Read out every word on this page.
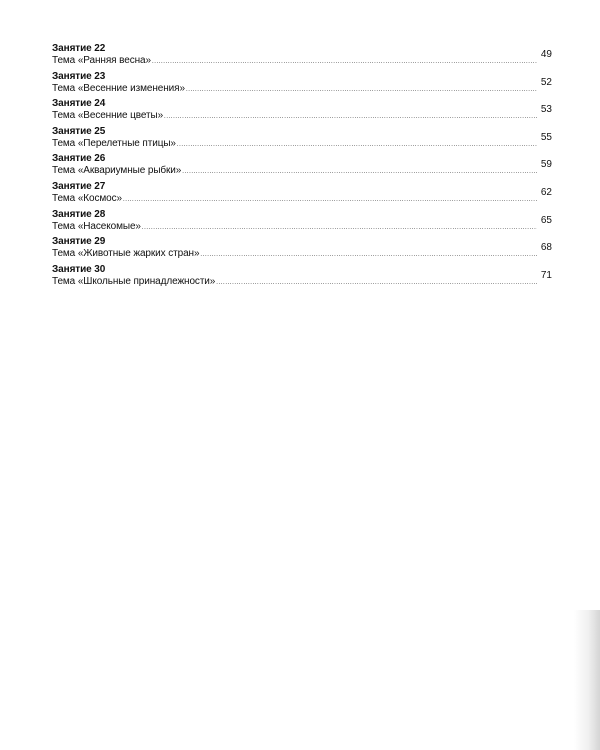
Занятие 22
Тема «Ранняя весна»
.....
49
Занятие 23
Тема «Весенние изменения»
.....
52
Занятие 24
Тема «Весенние цветы»
.....
53
Занятие 25
Тема «Перелетные птицы»
.....
55
Занятие 26
Тема «Аквариумные рыбки»
.....
59
Занятие 27
Тема «Космос»
.....
62
Занятие 28
Тема «Насекомые»
.....
65
Занятие 29
Тема «Животные жарких стран»
.....
68
Занятие 30
Тема «Школьные принадлежности»
.....
71
